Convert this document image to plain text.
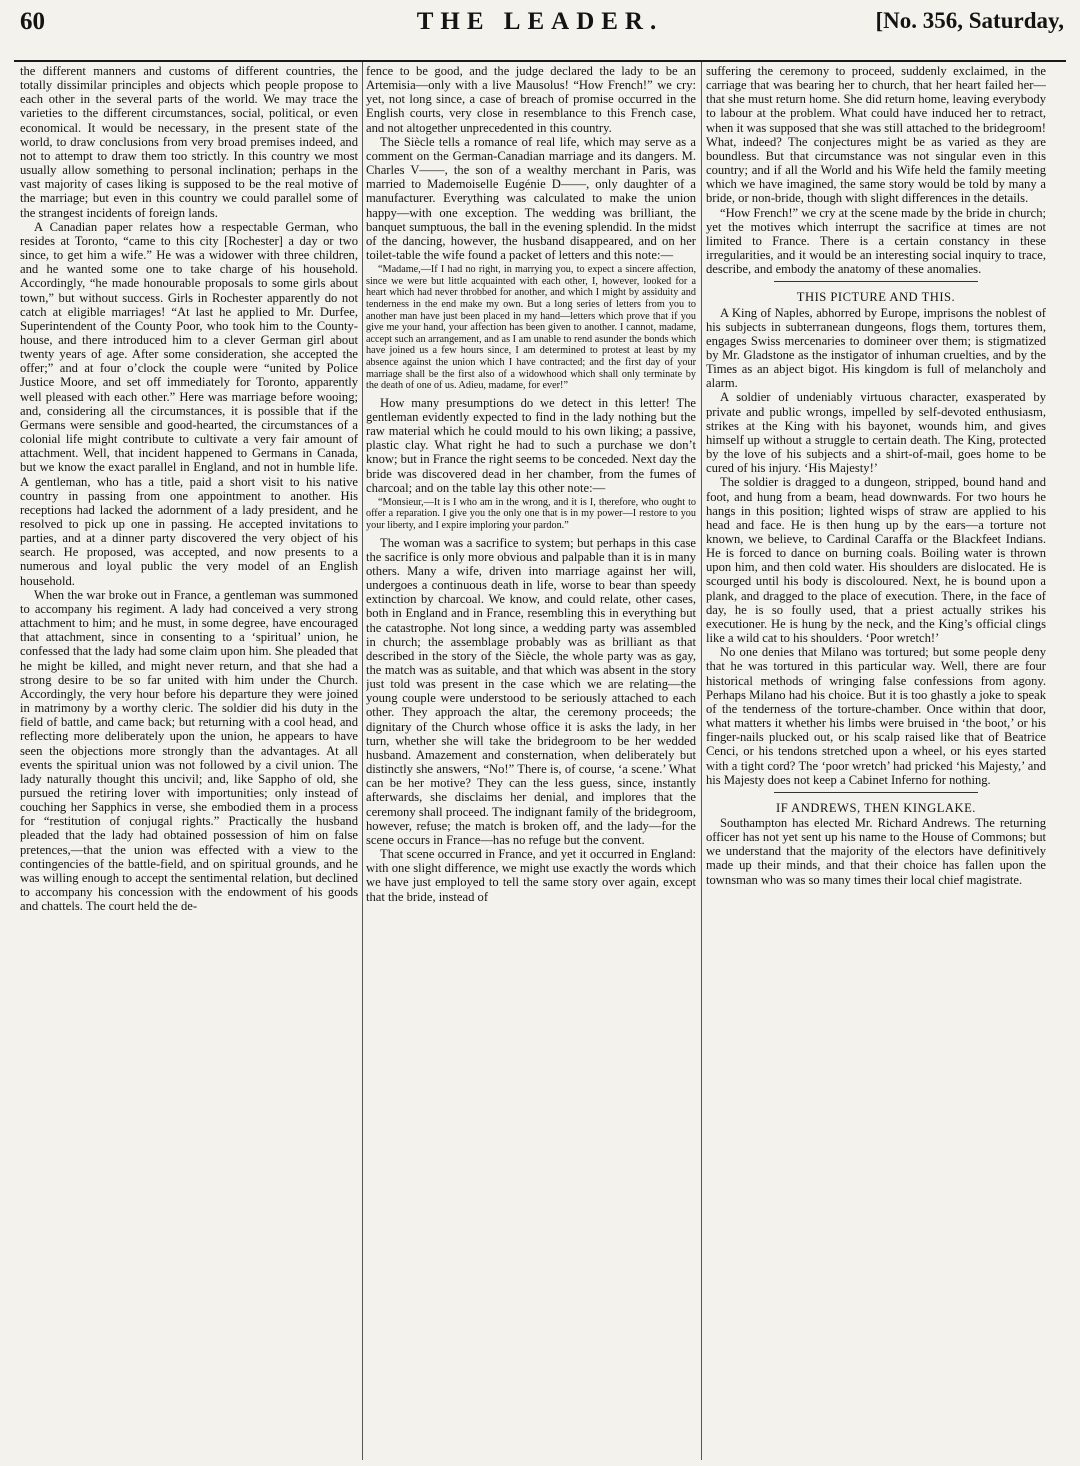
60	THE LEADER.	[No. 356, Saturday,

the different manners and customs of different countries, the totally dissimilar principles and objects which people propose to each other in the several parts of the world. We may trace the varieties to the different circumstances, social, political, or even economical. It would be necessary, in the present state of the world, to draw conclusions from very broad premises indeed, and not to attempt to draw them too strictly. In this country we most usually allow something to personal inclination; perhaps in the vast majority of cases liking is supposed to be the real motive of the marriage; but even in this country we could parallel some of the strangest incidents of foreign lands.

A Canadian paper relates how a respectable German, who resides at Toronto, “came to this city [Rochester] a day or two since, to get him a wife.” He was a widower with three children, and he wanted some one to take charge of his household. Accordingly, “he made honourable proposals to some girls about town,” but without success. Girls in Rochester apparently do not catch at eligible marriages! “At last he applied to Mr. Durfee, Superintendent of the County Poor, who took him to the County-house, and there introduced him to a clever German girl about twenty years of age. After some consideration, she accepted the offer;” and at four o’clock the couple were “united by Police Justice Moore, and set off immediately for Toronto, apparently well pleased with each other.” Here was marriage before wooing; and, considering all the circumstances, it is possible that if the Germans were sensible and good-hearted, the circumstances of a colonial life might contribute to cultivate a very fair amount of attachment. Well, that incident happened to Germans in Canada, but we know the exact parallel in England, and not in humble life. A gentleman, who has a title, paid a short visit to his native country in passing from one appointment to another. His receptions had lacked the adornment of a lady president, and he resolved to pick up one in passing. He accepted invitations to parties, and at a dinner party discovered the very object of his search. He proposed, was accepted, and now presents to a numerous and loyal public the very model of an English household.

When the war broke out in France, a gentleman was summoned to accompany his regiment. A lady had conceived a very strong attachment to him; and he must, in some degree, have encouraged that attachment, since in consenting to a ‘spiritual’ union, he confessed that the lady had some claim upon him. She pleaded that he might be killed, and might never return, and that she had a strong desire to be so far united with him under the Church. Accordingly, the very hour before his departure they were joined in matrimony by a worthy cleric. The soldier did his duty in the field of battle, and came back; but returning with a cool head, and reflecting more deliberately upon the union, he appears to have seen the objections more strongly than the advantages. At all events the spiritual union was not followed by a civil union. The lady naturally thought this uncivil; and, like Sappho of old, she pursued the retiring lover with importunities; only instead of couching her Sapphics in verse, she embodied them in a process for “restitution of conjugal rights.” Practically the husband pleaded that the lady had obtained possession of him on false pretences,—that the union was effected with a view to the contingencies of the battle-field, and on spiritual grounds, and he was willing enough to accept the sentimental relation, but declined to accompany his concession with the endowment of his goods and chattels. The court held the de-

fence to be good, and the judge declared the lady to be an Artemisia—only with a live Mausolus! “How French!” we cry: yet, not long since, a case of breach of promise occurred in the English courts, very close in resemblance to this French case, and not altogether unprecedented in this country.

The Siècle tells a romance of real life, which may serve as a comment on the German-Canadian marriage and its dangers. M. Charles V——, the son of a wealthy merchant in Paris, was married to Mademoiselle Eugénie D——, only daughter of a manufacturer. Everything was calculated to make the union happy—with one exception. The wedding was brilliant, the banquet sumptuous, the ball in the evening splendid. In the midst of the dancing, however, the husband disappeared, and on her toilet-table the wife found a packet of letters and this note:—

“Madame,—If I had no right, in marrying you, to expect a sincere affection, since we were but little acquainted with each other, I, however, looked for a heart which had never throbbed for another, and which I might by assiduity and tenderness in the end make my own. But a long series of letters from you to another man have just been placed in my hand—letters which prove that if you give me your hand, your affection has been given to another. I cannot, madame, accept such an arrangement, and as I am unable to rend asunder the bonds which have joined us a few hours since, I am determined to protest at least by my absence against the union which I have contracted; and the first day of your marriage shall be the first also of a widowhood which shall only terminate by the death of one of us. Adieu, madame, for ever!”

How many presumptions do we detect in this letter! The gentleman evidently expected to find in the lady nothing but the raw material which he could mould to his own liking; a passive, plastic clay. What right he had to such a purchase we don’t know; but in France the right seems to be conceded. Next day the bride was discovered dead in her chamber, from the fumes of charcoal; and on the table lay this other note:—

“Monsieur,—It is I who am in the wrong, and it is I, therefore, who ought to offer a reparation. I give you the only one that is in my power—I restore to you your liberty, and I expire imploring your pardon.”

The woman was a sacrifice to system; but perhaps in this case the sacrifice is only more obvious and palpable than it is in many others. Many a wife, driven into marriage against her will, undergoes a continuous death in life, worse to bear than speedy extinction by charcoal. We know, and could relate, other cases, both in England and in France, resembling this in everything but the catastrophe. Not long since, a wedding party was assembled in church; the assemblage probably was as brilliant as that described in the story of the Siècle, the whole party was as gay, the match was as suitable, and that which was absent in the story just told was present in the case which we are relating—the young couple were understood to be seriously attached to each other. They approach the altar, the ceremony proceeds; the dignitary of the Church whose office it is asks the lady, in her turn, whether she will take the bridegroom to be her wedded husband. Amazement and consternation, when deliberately but distinctly she answers, “No!” There is, of course, ‘a scene.’ What can be her motive? They can the less guess, since, instantly afterwards, she disclaims her denial, and implores that the ceremony shall proceed. The indignant family of the bridegroom, however, refuse; the match is broken off, and the lady—for the scene occurs in France—has no refuge but the convent.

That scene occurred in France, and yet it occurred in England: with one slight difference, we might use exactly the words which we have just employed to tell the same story over again, except that the bride, instead of

suffering the ceremony to proceed, suddenly exclaimed, in the carriage that was bearing her to church, that her heart failed her—that she must return home. She did return home, leaving everybody to labour at the problem. What could have induced her to retract, when it was supposed that she was still attached to the bridegroom! What, indeed? The conjectures might be as varied as they are boundless. But that circumstance was not singular even in this country; and if all the World and his Wife held the family meeting which we have imagined, the same story would be told by many a bride, or non-bride, though with slight differences in the details.

“How French!” we cry at the scene made by the bride in church; yet the motives which interrupt the sacrifice at times are not limited to France. There is a certain constancy in these irregularities, and it would be an interesting social inquiry to trace, describe, and embody the anatomy of these anomalies.

THIS PICTURE AND THIS.

A King of Naples, abhorred by Europe, imprisons the noblest of his subjects in subterranean dungeons, flogs them, tortures them, engages Swiss mercenaries to domineer over them; is stigmatized by Mr. Gladstone as the instigator of inhuman cruelties, and by the Times as an abject bigot. His kingdom is full of melancholy and alarm.

A soldier of undeniably virtuous character, exasperated by private and public wrongs, impelled by self-devoted enthusiasm, strikes at the King with his bayonet, wounds him, and gives himself up without a struggle to certain death. The King, protected by the love of his subjects and a shirt-of-mail, goes home to be cured of his injury. ‘His Majesty!’

The soldier is dragged to a dungeon, stripped, bound hand and foot, and hung from a beam, head downwards. For two hours he hangs in this position; lighted wisps of straw are applied to his head and face. He is then hung up by the ears—a torture not known, we believe, to Cardinal Caraffa or the Blackfeet Indians. He is forced to dance on burning coals. Boiling water is thrown upon him, and then cold water. His shoulders are dislocated. He is scourged until his body is discoloured. Next, he is bound upon a plank, and dragged to the place of execution. There, in the face of day, he is so foully used, that a priest actually strikes his executioner. He is hung by the neck, and the King’s official clings like a wild cat to his shoulders. ‘Poor wretch!’

No one denies that Milano was tortured; but some people deny that he was tortured in this particular way. Well, there are four historical methods of wringing false confessions from agony. Perhaps Milano had his choice. But it is too ghastly a joke to speak of the tenderness of the torture-chamber. Once within that door, what matters it whether his limbs were bruised in ‘the boot,’ or his finger-nails plucked out, or his scalp raised like that of Beatrice Cenci, or his tendons stretched upon a wheel, or his eyes started with a tight cord? The ‘poor wretch’ had pricked ‘his Majesty,’ and his Majesty does not keep a Cabinet Inferno for nothing.

IF ANDREWS, THEN KINGLAKE.

Southampton has elected Mr. Richard Andrews. The returning officer has not yet sent up his name to the House of Commons; but we understand that the majority of the electors have definitively made up their minds, and that their choice has fallen upon the townsman who was so many times their local chief magistrate.
